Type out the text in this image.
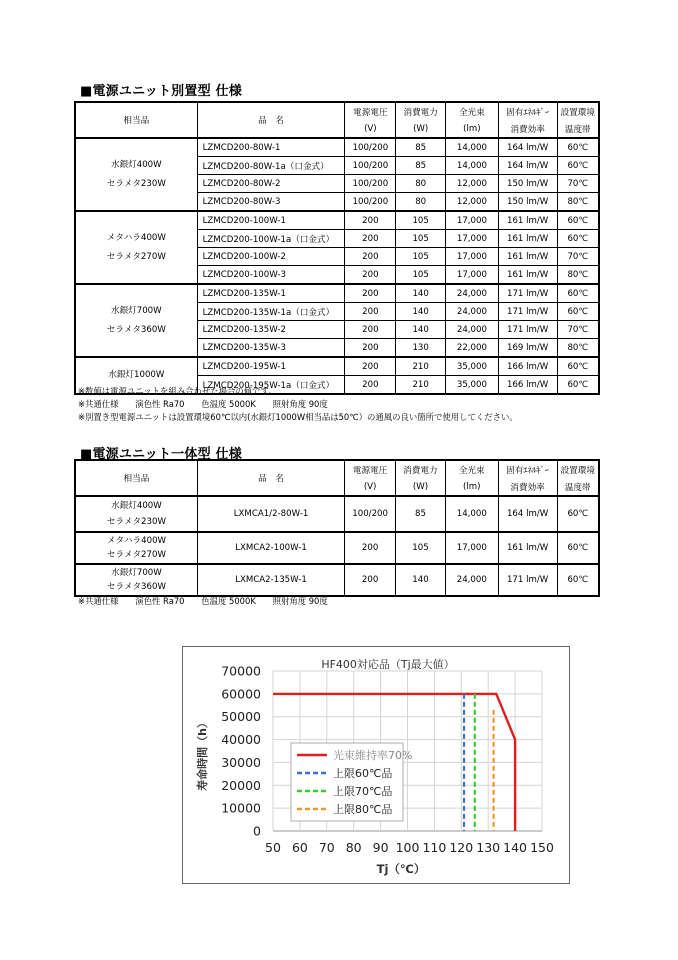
■電源ユニット別置型 仕様
相当品	品　名	電源電圧	消費電力	全光束	固有ｴﾈﾙｷﾞｰ	設置環境
		(V)	(W)	(lm)	消費効率	温度帯

水銀灯400W
セラメタ230W	LZMCD200-80W-1	100/200	85	14,000	164 lm/W	60℃
	LZMCD200-80W-1a（口金式）	100/200	85	14,000	164 lm/W	60℃
	LZMCD200-80W-2	100/200	80	12,000	150 lm/W	70℃
	LZMCD200-80W-3	100/200	80	12,000	150 lm/W	80℃

メタハラ400W
セラメタ270W	LZMCD200-100W-1	200	105	17,000	161 lm/W	60℃
	LZMCD200-100W-1a（口金式）	200	105	17,000	161 lm/W	60℃
	LZMCD200-100W-2	200	105	17,000	161 lm/W	70℃
	LZMCD200-100W-3	200	105	17,000	161 lm/W	80℃

水銀灯700W
セラメタ360W	LZMCD200-135W-1	200	140	24,000	171 lm/W	60℃
	LZMCD200-135W-1a（口金式）	200	140	24,000	171 lm/W	60℃
	LZMCD200-135W-2	200	140	24,000	171 lm/W	70℃
	LZMCD200-135W-3	200	130	22,000	169 lm/W	80℃

水銀灯1000W	LZMCD200-195W-1	200	210	35,000	166 lm/W	60℃
	LZMCD200-195W-1a（口金式）	200	210	35,000	166 lm/W	60℃
※数値は電源ユニットを組み合わせた場合の値です。
※共通仕様　　演色性 Ra70　　色温度 5000K　　照射角度 90度
※別置き型電源ユニットは設置環境60℃以内(水銀灯1000W相当品は50℃）の通風の良い箇所で使用してください。
■電源ユニット一体型 仕様
相当品	品　名	電源電圧	消費電力	全光束	固有ｴﾈﾙｷﾞｰ	設置環境
		(V)	(W)	(lm)	消費効率	温度帯

水銀灯400W
セラメタ230W	LXMCA1/2-80W-1	100/200	85	14,000	164 lm/W	60℃

メタハラ400W
セラメタ270W	LXMCA2-100W-1	200	105	17,000	161 lm/W	60℃

水銀灯700W
セラメタ360W	LXMCA2-135W-1	200	140	24,000	171 lm/W	60℃
※共通仕様　　演色性 Ra70　　色温度 5000K　　照射角度 90度
0
10000
20000
30000
40000
50000
60000
70000
50 60 70 80 90 100 110 120 130 140 150
HF400対応品（Tj最大値）
Tj（℃）
寿命時間（h）	光束維持率70%
上限60℃品
上限70℃品
上限80℃品
